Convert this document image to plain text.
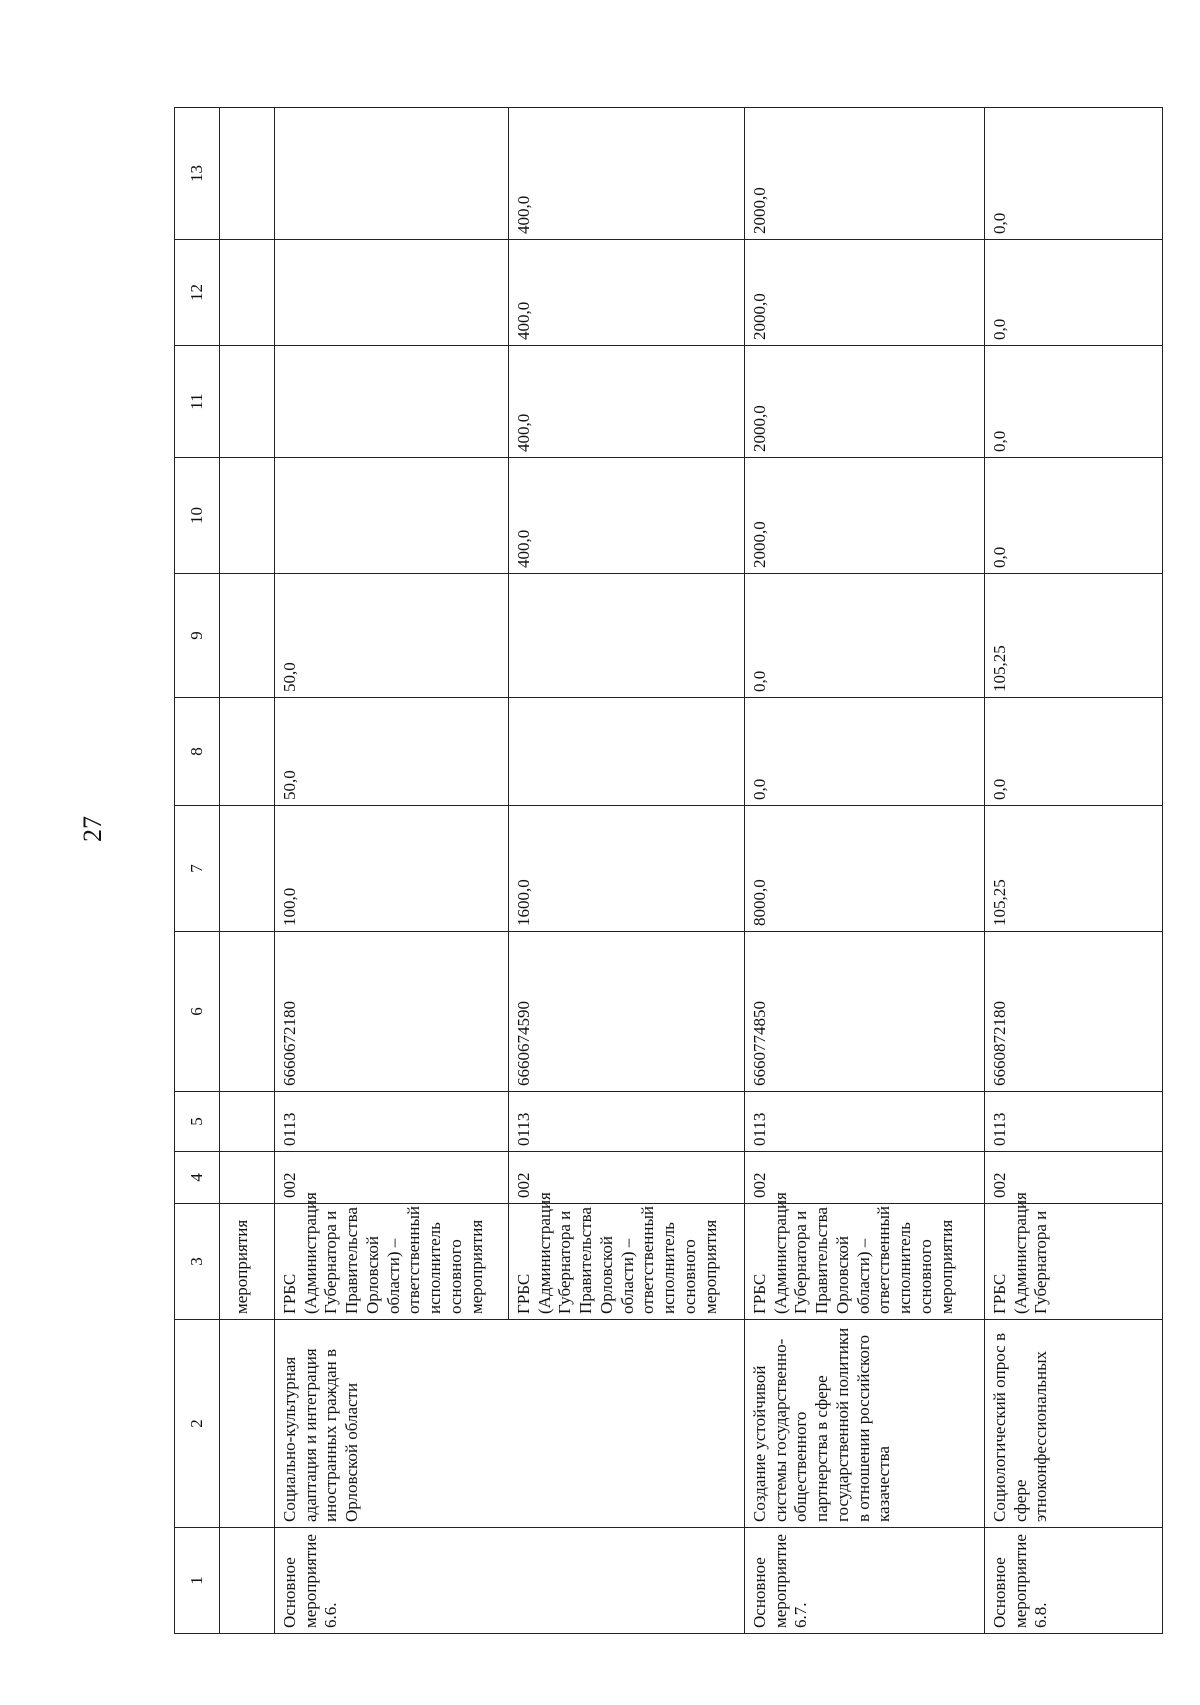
27
1	2	3	4	5	6	7	8	9	10	11	12	13
		мероприятия										
Основное мероприятие 6.6.	Социально-культурная адаптация и интеграция иностранных граждан в Орловской области	ГРБС (Администрация Губернатора и Правительства Орловской области) – ответственный исполнитель основного мероприятия	002	0113	6660672180	100,0	50,0	50,0				
		ГРБС (Администрация Губернатора и Правительства Орловской области) – ответственный исполнитель основного мероприятия	002	0113	6660674590	1600,0			400,0	400,0	400,0	400,0
Основное мероприятие 6.7.	Создание устойчивой системы государственно-общественного партнерства в сфере государственной политики в отношении российского казачества	ГРБС (Администрация Губернатора и Правительства Орловской области) – ответственный исполнитель основного мероприятия	002	0113	6660774850	8000,0	0,0	0,0	2000,0	2000,0	2000,0	2000,0
Основное мероприятие 6.8.	Социологический опрос в сфере этноконфессиональных	ГРБС (Администрация Губернатора и	002	0113	6660872180	105,25	0,0	105,25	0,0	0,0	0,0	0,0
